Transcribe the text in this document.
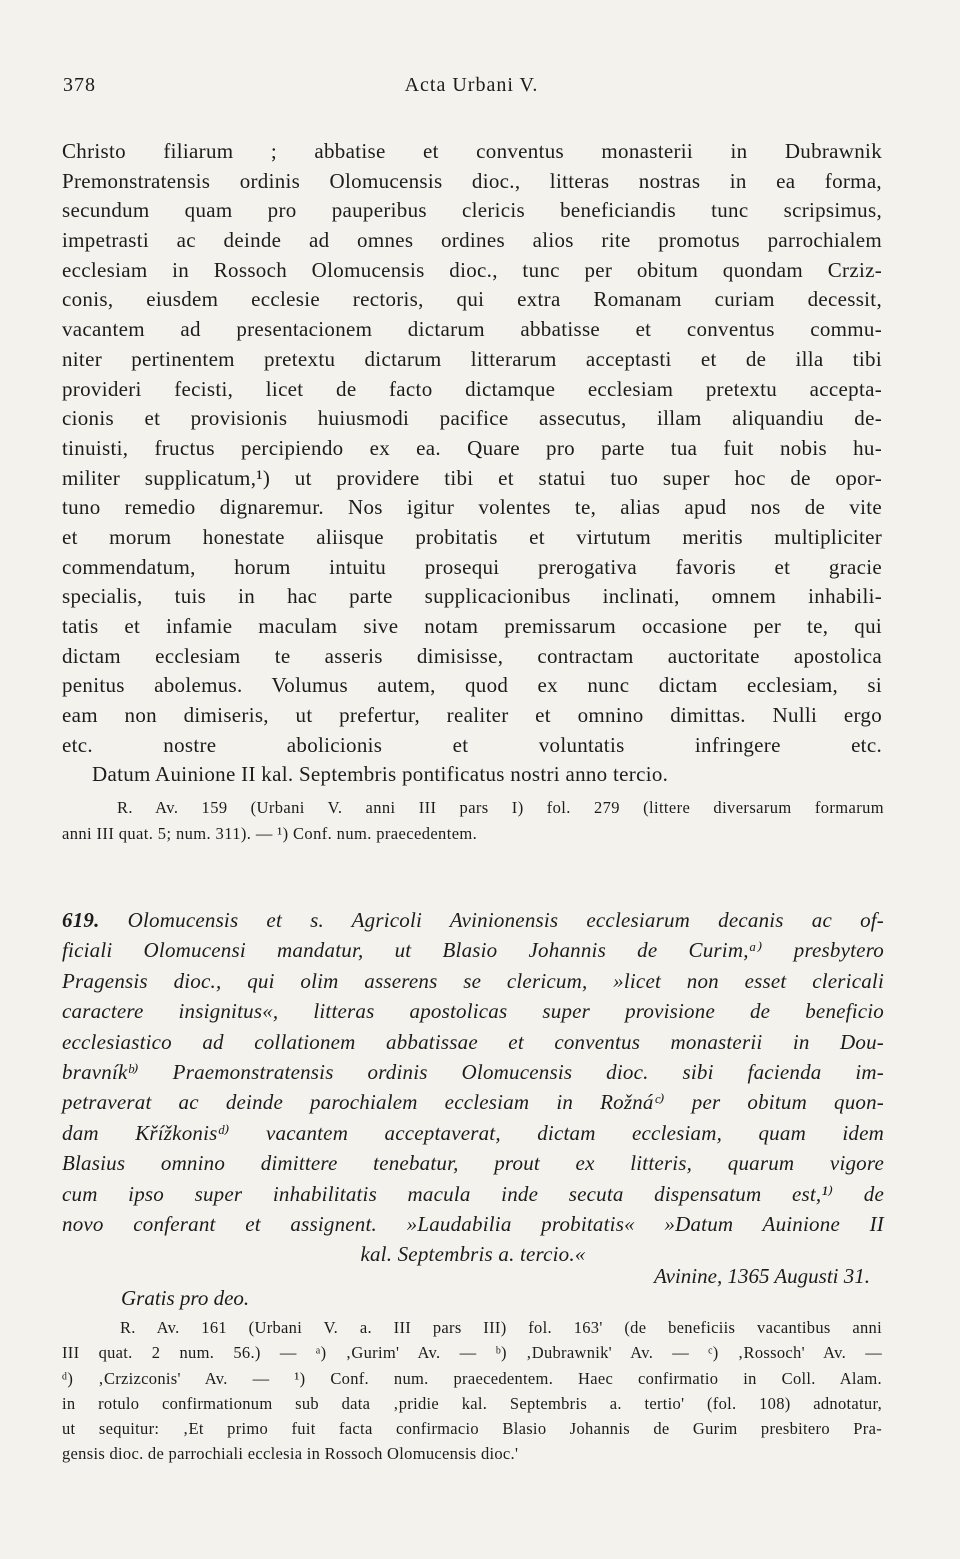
378	Acta Urbani V.
Christo filiarum ; abbatise et conventus monasterii in Dubrawnik
Premonstratensis ordinis Olomucensis dioc., litteras nostras in ea forma,
secundum quam pro pauperibus clericis beneficiandis tunc scripsimus,
impetrasti ac deinde ad omnes ordines alios rite promotus parrochialem
ecclesiam in Rossoch Olomucensis dioc., tunc per obitum quondam Crziz-
conis, eiusdem ecclesie rectoris, qui extra Romanam curiam decessit,
vacantem ad presentacionem dictarum abbatisse et conventus commu-
niter pertinentem pretextu dictarum litterarum acceptasti et de illa tibi
provideri fecisti, licet de facto dictamque ecclesiam pretextu accepta-
cionis et provisionis huiusmodi pacifice assecutus, illam aliquandiu de-
tinuisti, fructus percipiendo ex ea. Quare pro parte tua fuit nobis hu-
militer supplicatum,¹) ut providere tibi et statui tuo super hoc de opor-
tuno remedio dignaremur. Nos igitur volentes te, alias apud nos de vite
et morum honestate aliisque probitatis et virtutum meritis multipliciter
commendatum, horum intuitu prosequi prerogativa favoris et gracie
specialis, tuis in hac parte supplicacionibus inclinati, omnem inhabili-
tatis et infamie maculam sive notam premissarum occasione per te, qui
dictam ecclesiam te asseris dimisisse, contractam auctoritate apostolica
penitus abolemus. Volumus autem, quod ex nunc dictam ecclesiam, si
eam non dimiseris, ut prefertur, realiter et omnino dimittas. Nulli ergo
etc. nostre abolicionis et voluntatis infringere etc.
Datum Auinione II kal. Septembris pontificatus nostri anno tercio.
R. Av. 159 (Urbani V. anni III pars I) fol. 279 (littere diversarum formarum
anni III quat. 5; num. 311). — ¹) Conf. num. praecedentem.
619. Olomucensis et s. Agricoli Avinionensis ecclesiarum decanis ac of-
ficiali Olomucensi mandatur, ut Blasio Johannis de Curim,ᵃ⁾ presbytero
Pragensis dioc., qui olim asserens se clericum, »licet non esset clericali
caractere insignitus«, litteras apostolicas super provisione de beneficio
ecclesiastico ad collationem abbatissae et conventus monasterii in Dou-
bravníkᵇ⁾ Praemonstratensis ordinis Olomucensis dioc. sibi facienda im-
petraverat ac deinde parochialem ecclesiam in Rožnáᶜ⁾ per obitum quon-
dam Křížkonisᵈ⁾ vacantem acceptaverat, dictam ecclesiam, quam idem
Blasius omnino dimittere tenebatur, prout ex litteris, quarum vigore
cum ipso super inhabilitatis macula inde secuta dispensatum est,¹⁾ de
novo conferant et assignent. »Laudabilia probitatis« »Datum Auinione II
kal. Septembris a. tercio.«
Avinine, 1365 Augusti 31.
Gratis pro deo.
R. Av. 161 (Urbani V. a. III pars III) fol. 163' (de beneficiis vacantibus anni
III quat. 2 num. 56.) — ᵃ) ‚Gurim' Av. — ᵇ) ‚Dubrawnik' Av. — ᶜ) ‚Rossoch' Av. —
ᵈ) ‚Crzizconis' Av. — ¹) Conf. num. praecedentem. Haec confirmatio in Coll. Alam.
in rotulo confirmationum sub data ‚pridie kal. Septembris a. tertio' (fol. 108) adnotatur,
ut sequitur: ‚Et primo fuit facta confirmacio Blasio Johannis de Gurim presbitero Pra-
gensis dioc. de parrochiali ecclesia in Rossoch Olomucensis dioc.'
